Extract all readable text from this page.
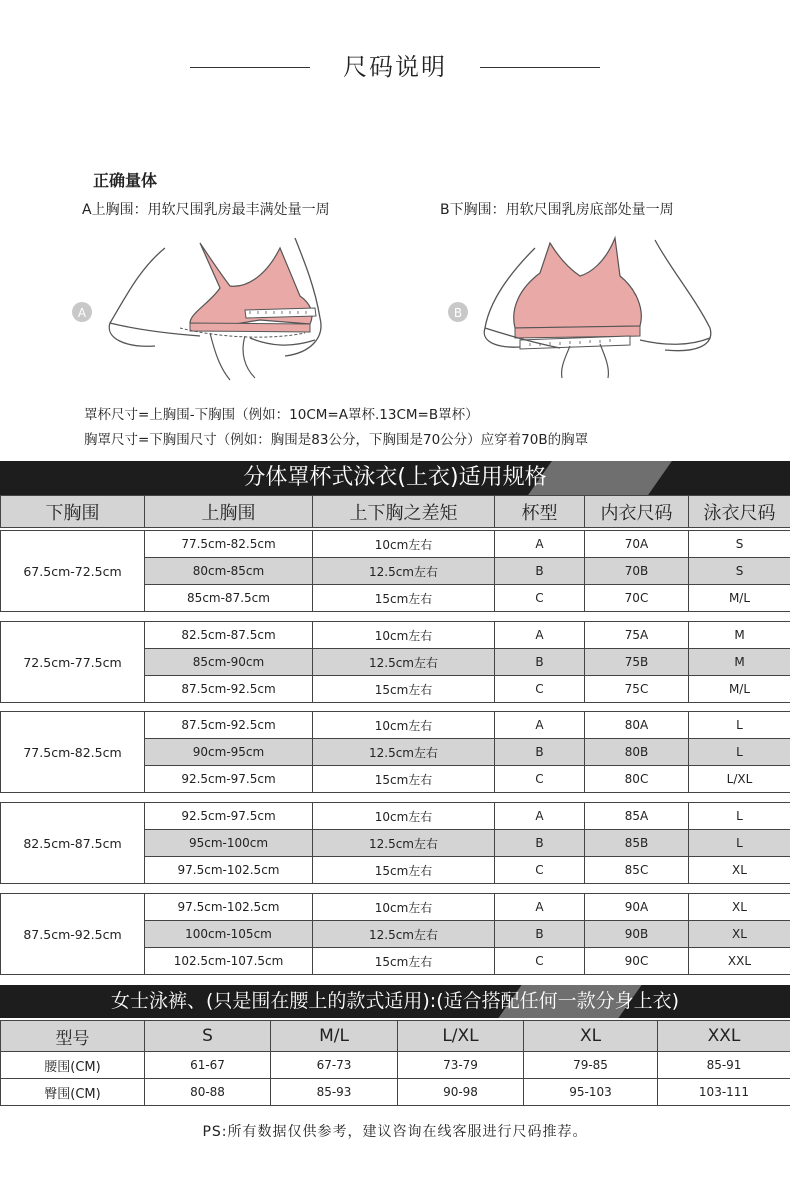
尺码说明
正确量体
A上胸围：用软尺围乳房最丰满处量一周	B下胸围：用软尺围乳房底部处量一周
A	B
罩杯尺寸=上胸围-下胸围（例如：10CM=A罩杯.13CM=B罩杯）
胸罩尺寸=下胸围尺寸（例如：胸围是83公分，下胸围是70公分）应穿着70B的胸罩
分体罩杯式泳衣(上衣)适用规格
下胸围	上胸围	上下胸之差矩	杯型	内衣尺码	泳衣尺码
67.5cm-72.5cm	77.5cm-82.5cm	10cm左右	A	70A	S
	80cm-85cm	12.5cm左右	B	70B	S
	85cm-87.5cm	15cm左右	C	70C	M/L
72.5cm-77.5cm	82.5cm-87.5cm	10cm左右	A	75A	M
	85cm-90cm	12.5cm左右	B	75B	M
	87.5cm-92.5cm	15cm左右	C	75C	M/L
77.5cm-82.5cm	87.5cm-92.5cm	10cm左右	A	80A	L
	90cm-95cm	12.5cm左右	B	80B	L
	92.5cm-97.5cm	15cm左右	C	80C	L/XL
82.5cm-87.5cm	92.5cm-97.5cm	10cm左右	A	85A	L
	95cm-100cm	12.5cm左右	B	85B	L
	97.5cm-102.5cm	15cm左右	C	85C	XL
87.5cm-92.5cm	97.5cm-102.5cm	10cm左右	A	90A	XL
	100cm-105cm	12.5cm左右	B	90B	XL
	102.5cm-107.5cm	15cm左右	C	90C	XXL
女士泳裤、(只是围在腰上的款式适用):(适合搭配任何一款分身上衣)
型号	S	M/L	L/XL	XL	XXL
腰围(CM)	61-67	67-73	73-79	79-85	85-91
臀围(CM)	80-88	85-93	90-98	95-103	103-111
PS:所有数据仅供参考，建议咨询在线客服进行尺码推荐。
